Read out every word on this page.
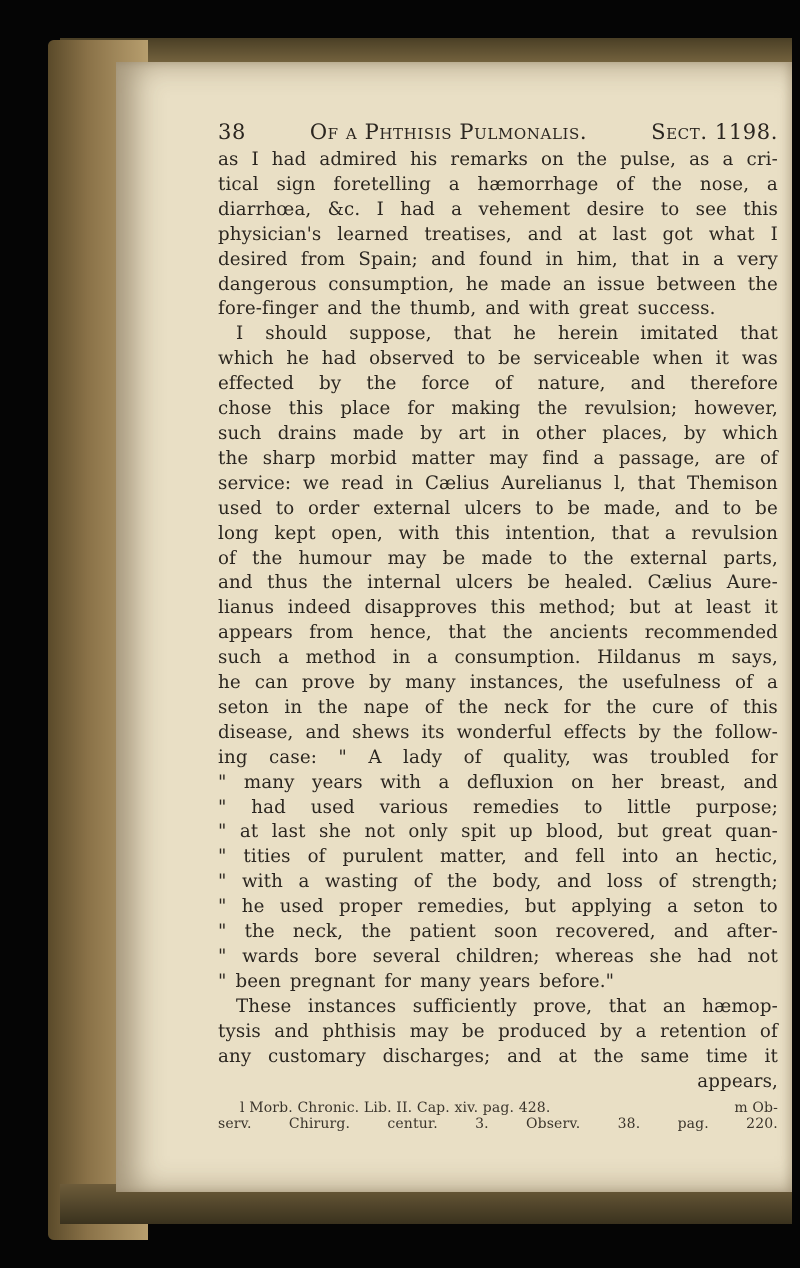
38	Of a Phthisis Pulmonalis.	Sect. 1198.
as I had admired his remarks on the pulse, as a cri-
tical sign foretelling a hæmorrhage of the nose, a
diarrhœa, &c. I had a vehement desire to see this
physician's learned treatises, and at last got what I
desired from Spain; and found in him, that in a very
dangerous consumption, he made an issue between the
fore-finger and the thumb, and with great success.
I should suppose, that he herein imitated that
which he had observed to be serviceable when it was
effected by the force of nature, and therefore
chose this place for making the revulsion; however,
such drains made by art in other places, by which
the sharp morbid matter may find a passage, are of
service: we read in Cælius Aurelianus l, that Themison
used to order external ulcers to be made, and to be
long kept open, with this intention, that a revulsion
of the humour may be made to the external parts,
and thus the internal ulcers be healed. Cælius Aure-
lianus indeed disapproves this method; but at least it
appears from hence, that the ancients recommended
such a method in a consumption. Hildanus m says,
he can prove by many instances, the usefulness of a
seton in the nape of the neck for the cure of this
disease, and shews its wonderful effects by the follow-
ing case: " A lady of quality, was troubled for
" many years with a defluxion on her breast, and
" had used various remedies to little purpose;
" at last she not only spit up blood, but great quan-
" tities of purulent matter, and fell into an hectic,
" with a wasting of the body, and loss of strength;
" he used proper remedies, but applying a seton to
" the neck, the patient soon recovered, and after-
" wards bore several children; whereas she had not
" been pregnant for many years before."
These instances sufficiently prove, that an hæmop-
tysis and phthisis may be produced by a retention of
any customary discharges; and at the same time it
appears,
l Morb. Chronic. Lib. II. Cap. xiv. pag. 428.	m Ob-
serv.	Chirurg.	centur.	3.	Observ.	38.	pag.	220.
